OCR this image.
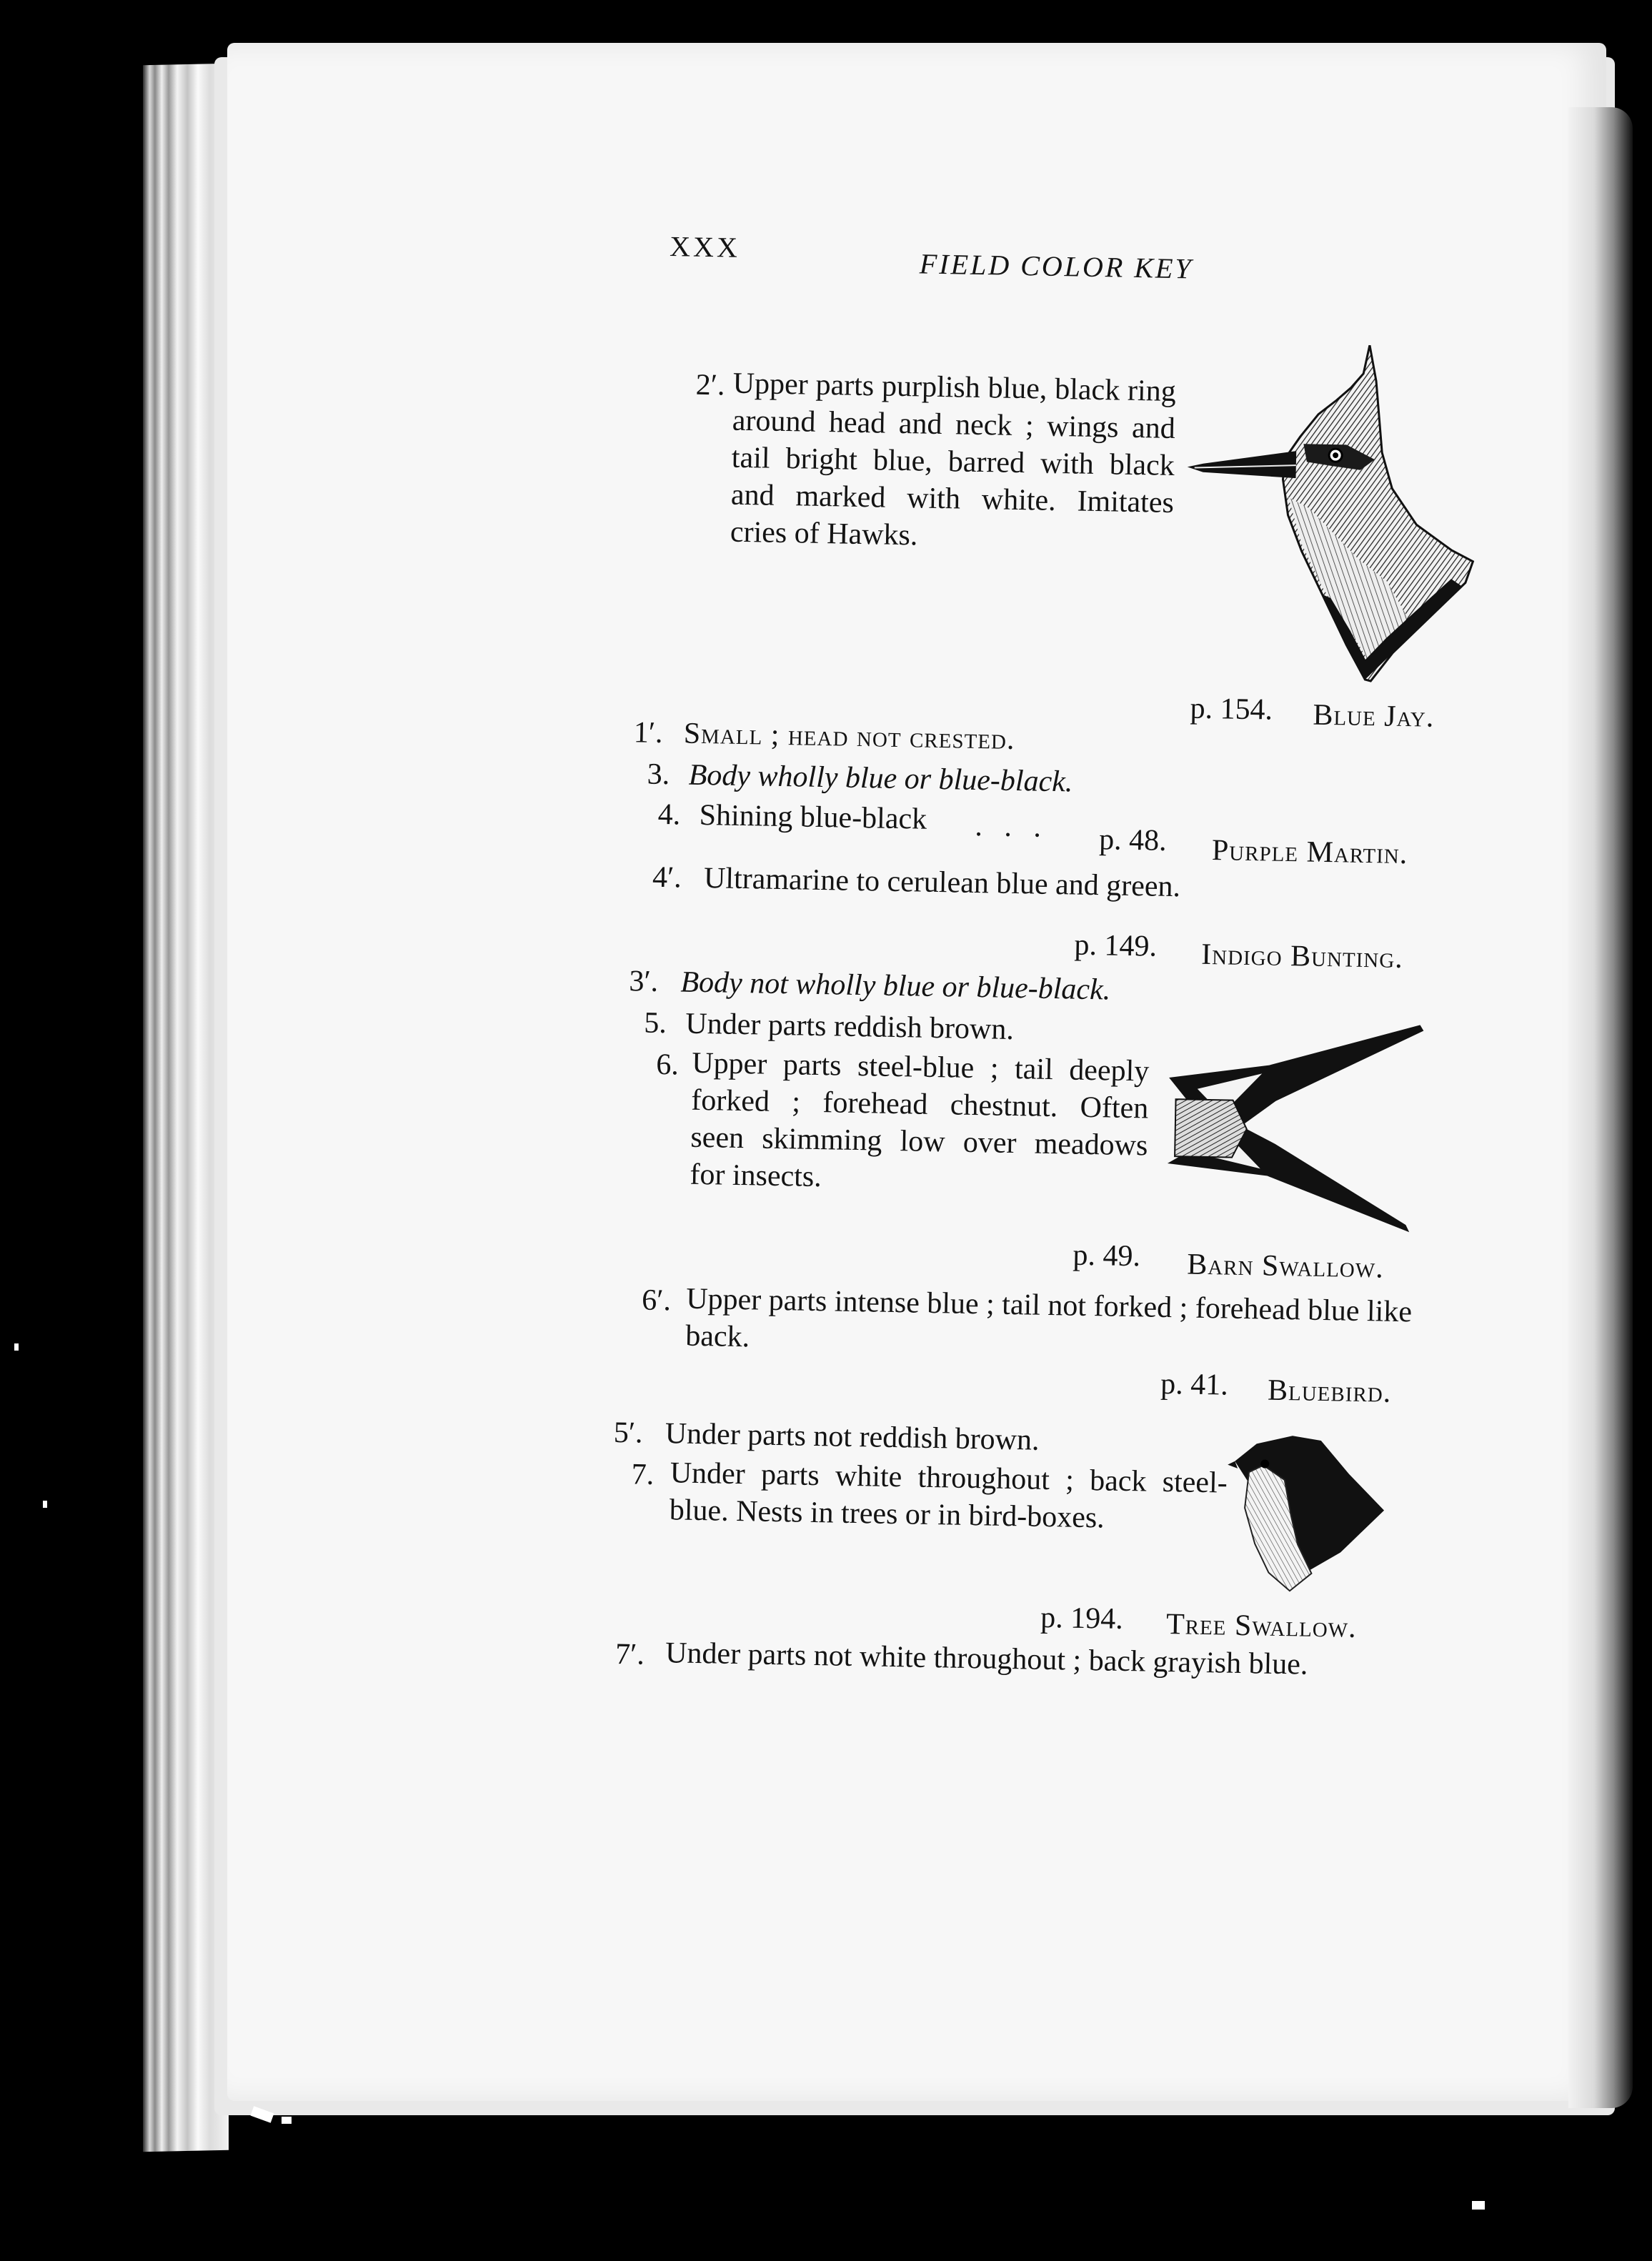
XXX
FIELD COLOR KEY
2′. Upper parts purplish blue, black ring around head and neck ; wings and tail bright blue, barred with black and marked with white. Imitates cries of Hawks.
p. 154. Blue Jay.
1′. Small ; head not crested.
3. Body wholly blue or blue-black.
4. Shining blue-black . . . p. 48. Purple Martin.
4′. Ultramarine to cerulean blue and green.
p. 149. Indigo Bunting.
3′. Body not wholly blue or blue-black.
5. Under parts reddish brown.
6. Upper parts steel-blue ; tail deeply forked ; forehead chestnut. Often seen skimming low over meadows for insects.
p. 49. Barn Swallow.
6′. Upper parts intense blue ; tail not forked ; forehead blue like back.
p. 41. Bluebird.
5′. Under parts not reddish brown.
7. Under parts white throughout ; back steel-blue. Nests in trees or in bird-boxes.
p. 194. Tree Swallow.
7′. Under parts not white throughout ; back grayish blue.
